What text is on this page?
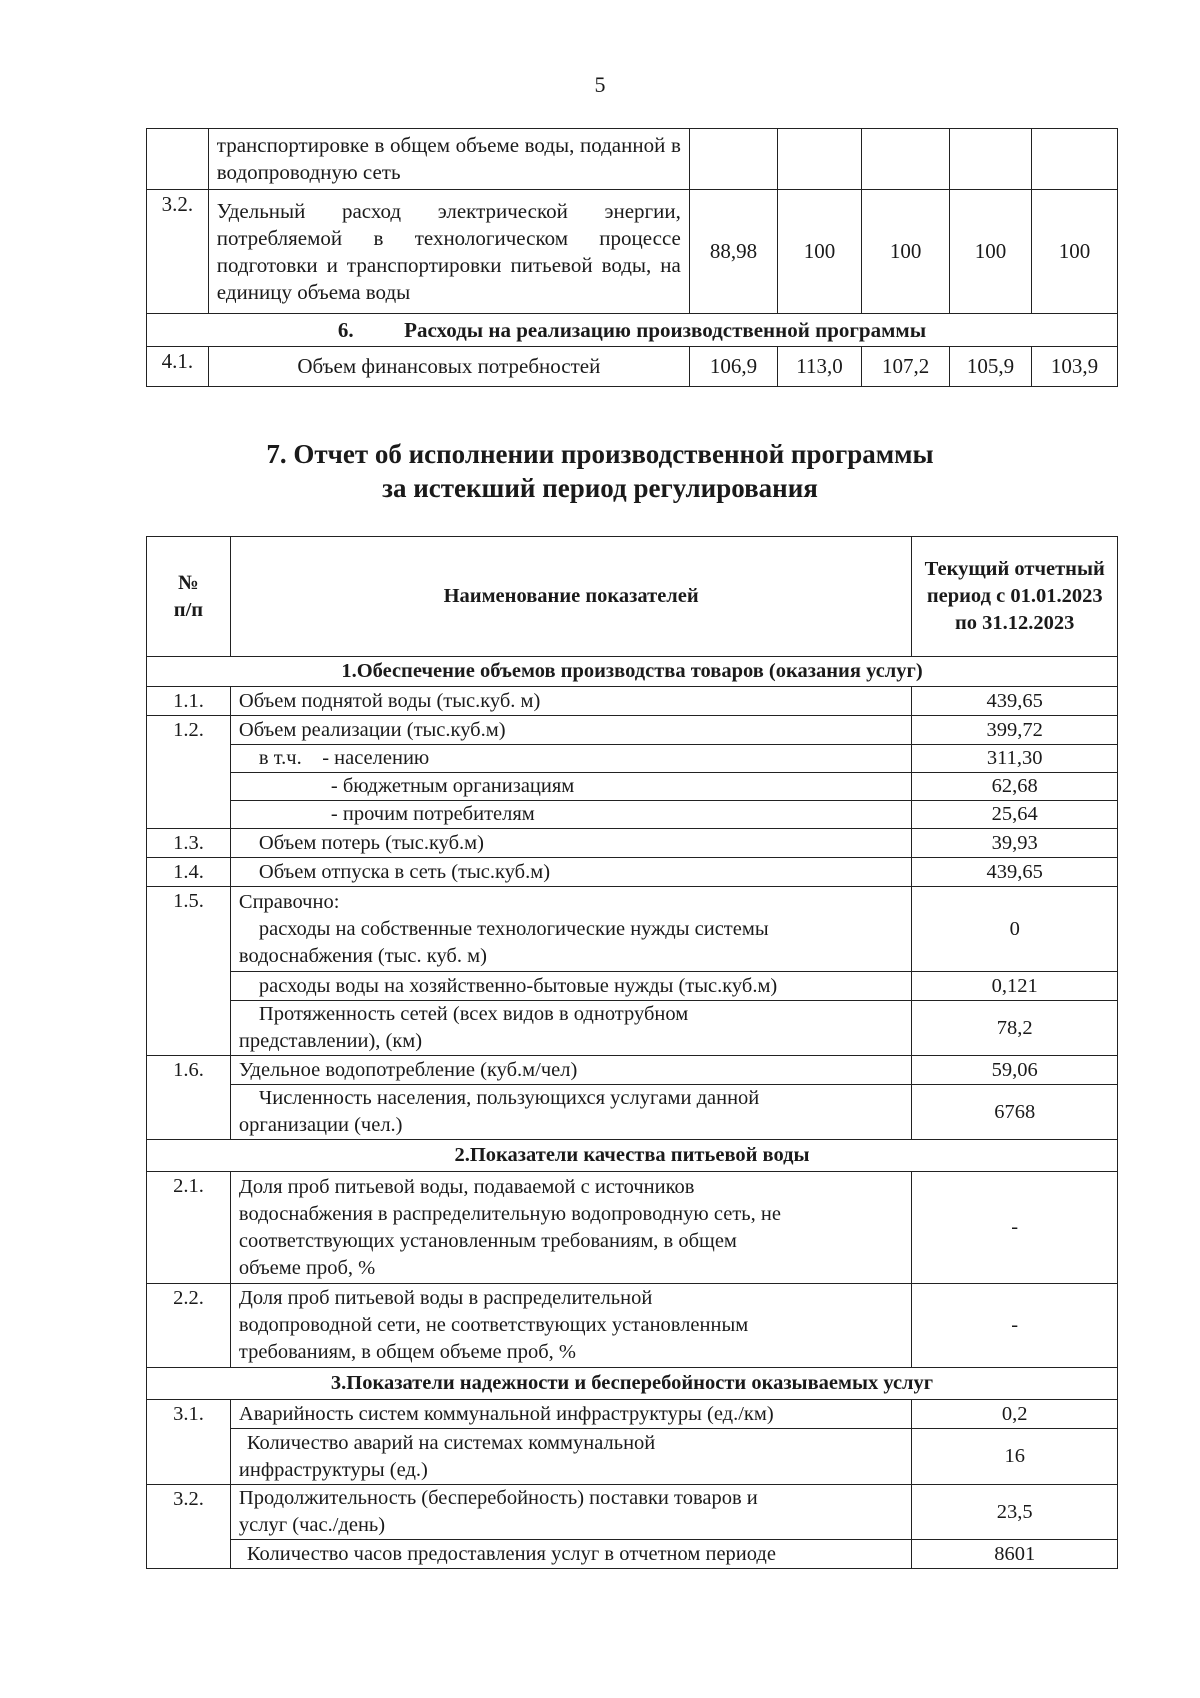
5
	транспортировке в общем объеме воды, поданной в водопроводную сеть					
3.2.	Удельный расход электрической энергии, потребляемой в технологическом процессе подготовки и транспортировки питьевой воды, на единицу объема воды	88,98	100	100	100	100
6. Расходы на реализацию производственной программы						
4.1.	Объем финансовых потребностей	106,9	113,0	107,2	105,9	103,9
7. Отчет об исполнении производственной программы
за истекший период регулирования
№ п/п	Наименование показателей	Текущий отчетный период с 01.01.2023 по 31.12.2023
1.Обеспечение объемов производства товаров (оказания услуг)		
1.1.	Объем поднятой воды (тыс.куб. м)	439,65
1.2.	Объем реализации (тыс.куб.м)	399,72
	в т.ч.    - населению	311,30
	- бюджетным организациям	62,68
	- прочим потребителям	25,64
1.3.	Объем потерь (тыс.куб.м)	39,93
1.4.	Объем отпуска в сеть (тыс.куб.м)	439,65
1.5.	Справочно:
расходы на собственные технологические нужды системы
водоснабжения (тыс. куб. м)	0
	расходы воды на хозяйственно-бытовые нужды (тыс.куб.м)	0,121

	Протяженность сетей (всех видов в однотрубном
представлении), (км)	78,2
1.6.	Удельное водопотребление (куб.м/чел)	59,06

	Численность населения, пользующихся услугами данной
организации (чел.)	6768
2.Показатели качества питьевой воды		
2.1.	Доля проб питьевой воды, подаваемой с источников
водоснабжения в распределительную водопроводную сеть, не
соответствующих установленным требованиям, в общем
объеме проб, %	-
2.2.	Доля проб питьевой воды в распределительной
водопроводной сети, не соответствующих установленным
требованиям, в общем объеме проб, %	-
3.Показатели надежности и бесперебойности оказываемых услуг		
3.1.	Аварийность систем коммунальной инфраструктуры (ед./км)	0,2

	Количество аварий на системах коммунальной
инфраструктуры (ед.)	16
3.2.	Продолжительность (бесперебойность) поставки товаров и
услуг (час./день)	23,5
	Количество часов предоставления услуг в отчетном периоде	8601
